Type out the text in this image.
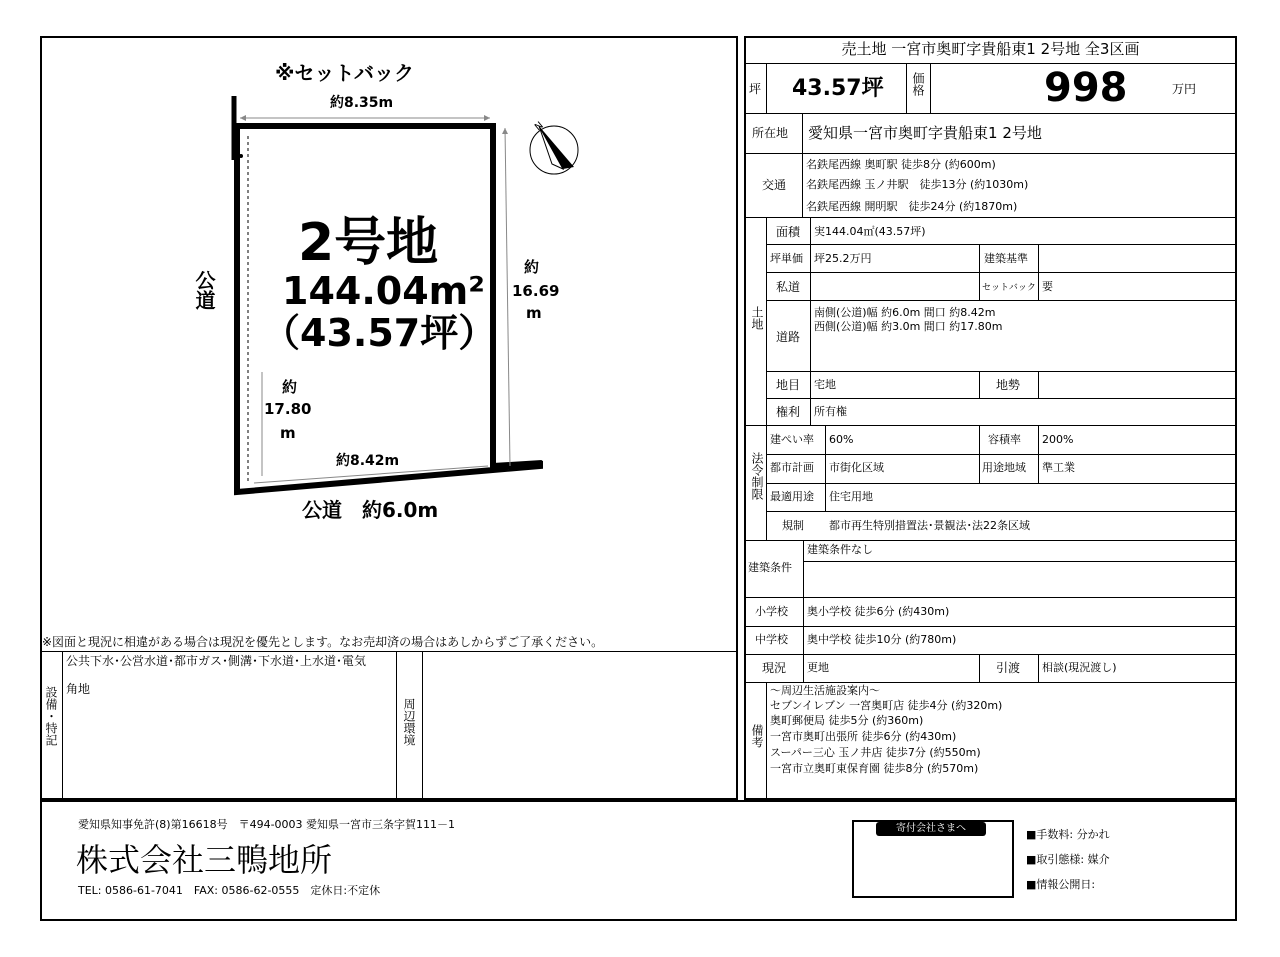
※セットバック
約8.35m
N
2号地
144.04m²
（43.57坪）
約
16.69
m
約
17.80
m
約8.42m
公道
公道　約6.0m
※図面と現況に相違がある場合は現況を優先とします。なお売却済の場合はあしからずご了承ください。
設備・特記
公共下水･公営水道･都市ガス･側溝･下水道･上水道･電気
角地
周辺環境
売土地 一宮市奥町字貴船東1 2号地 全3区画
坪 43.57坪 価格	998	万円
所在地 愛知県一宮市奥町字貴船東1 2号地
交通
名鉄尾西線 奥町駅 徒歩8分 (約600m)
名鉄尾西線 玉ノ井駅　徒歩13分 (約1030m)
名鉄尾西線 開明駅　徒歩24分 (約1870m)
土地
面積 実144.04㎡(43.57坪)
坪単価 坪25.2万円	建築基準
私道	セットバック 要
道路
南側(公道)幅 約6.0m 間口 約8.42m
西側(公道)幅 約3.0m 間口 約17.80m
地目 宅地	地勢
権利 所有権
法令制限
建ぺい率 60%	容積率 200%
都市計画 市街化区域	用途地域 準工業
最適用途 住宅用地
規制 都市再生特別措置法･景観法･法22条区域
建築条件
建築条件なし
小学校 奥小学校 徒歩6分 (約430m)
中学校 奥中学校 徒歩10分 (約780m)
現況 更地	引渡 相談(現況渡し)
備考
〜周辺生活施設案内〜
セブンイレブン 一宮奥町店 徒歩4分 (約320m)
奥町郵便局 徒歩5分 (約360m)
一宮市奥町出張所 徒歩6分 (約430m)
スーパー三心 玉ノ井店 徒歩7分 (約550m)
一宮市立奥町東保育園 徒歩8分 (約570m)
愛知県知事免許(8)第16618号　〒494-0003 愛知県一宮市三条字賀111－1
株式会社三鴨地所
TEL: 0586-61-7041　FAX: 0586-62-0555　定休日:不定休
寄付会社さまへ	■手数料: 分かれ
■取引態様: 媒介
■情報公開日:
